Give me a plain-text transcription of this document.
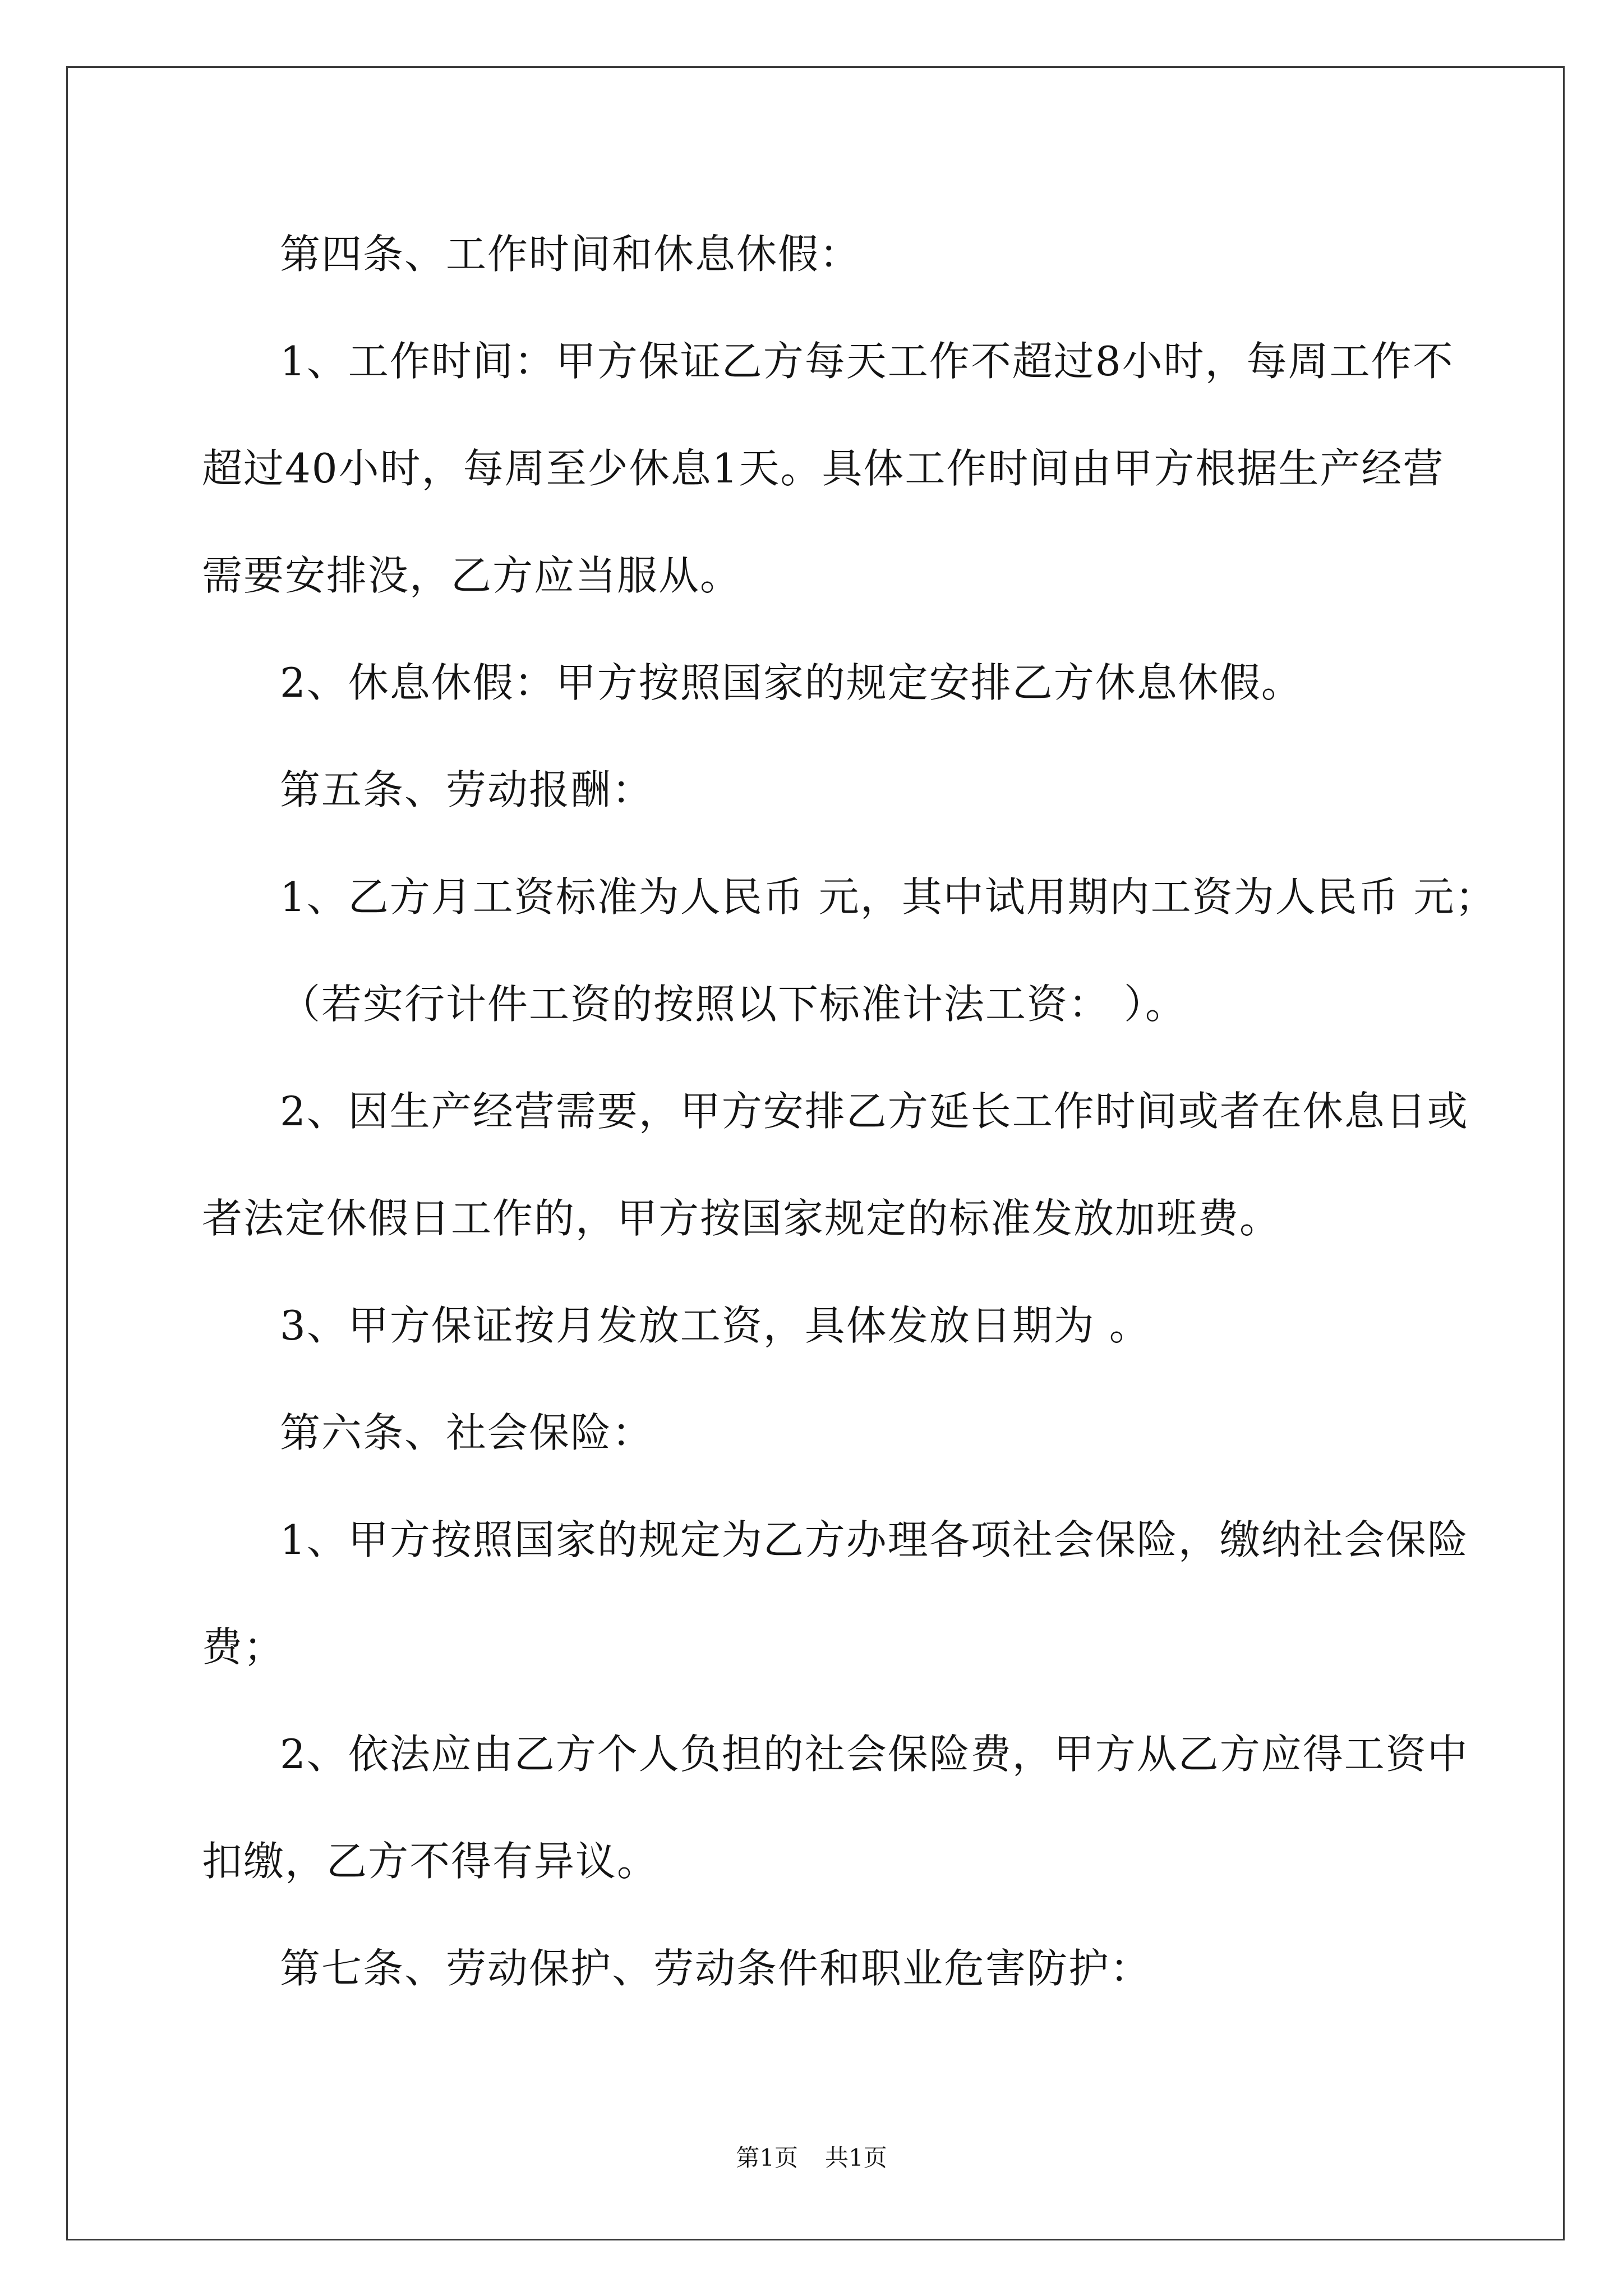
第四条、工作时间和休息休假：
1、工作时间：甲方保证乙方每天工作不超过8小时，每周工作不
超过40小时，每周至少休息1天。具体工作时间由甲方根据生产经营
需要安排没，乙方应当服从。
2、休息休假：甲方按照国家的规定安排乙方休息休假。
第五条、劳动报酬：
1、乙方月工资标准为人民币 元，其中试用期内工资为人民币 元；
（若实行计件工资的按照以下标准计法工资： ）。
2、因生产经营需要，甲方安排乙方延长工作时间或者在休息日或
者法定休假日工作的，甲方按国家规定的标准发放加班费。
3、甲方保证按月发放工资，具体发放日期为 。
第六条、社会保险：
1、甲方按照国家的规定为乙方办理各项社会保险，缴纳社会保险
费；
2、依法应由乙方个人负担的社会保险费，甲方从乙方应得工资中
扣缴，乙方不得有异议。
第七条、劳动保护、劳动条件和职业危害防护：
第1页 共1页
